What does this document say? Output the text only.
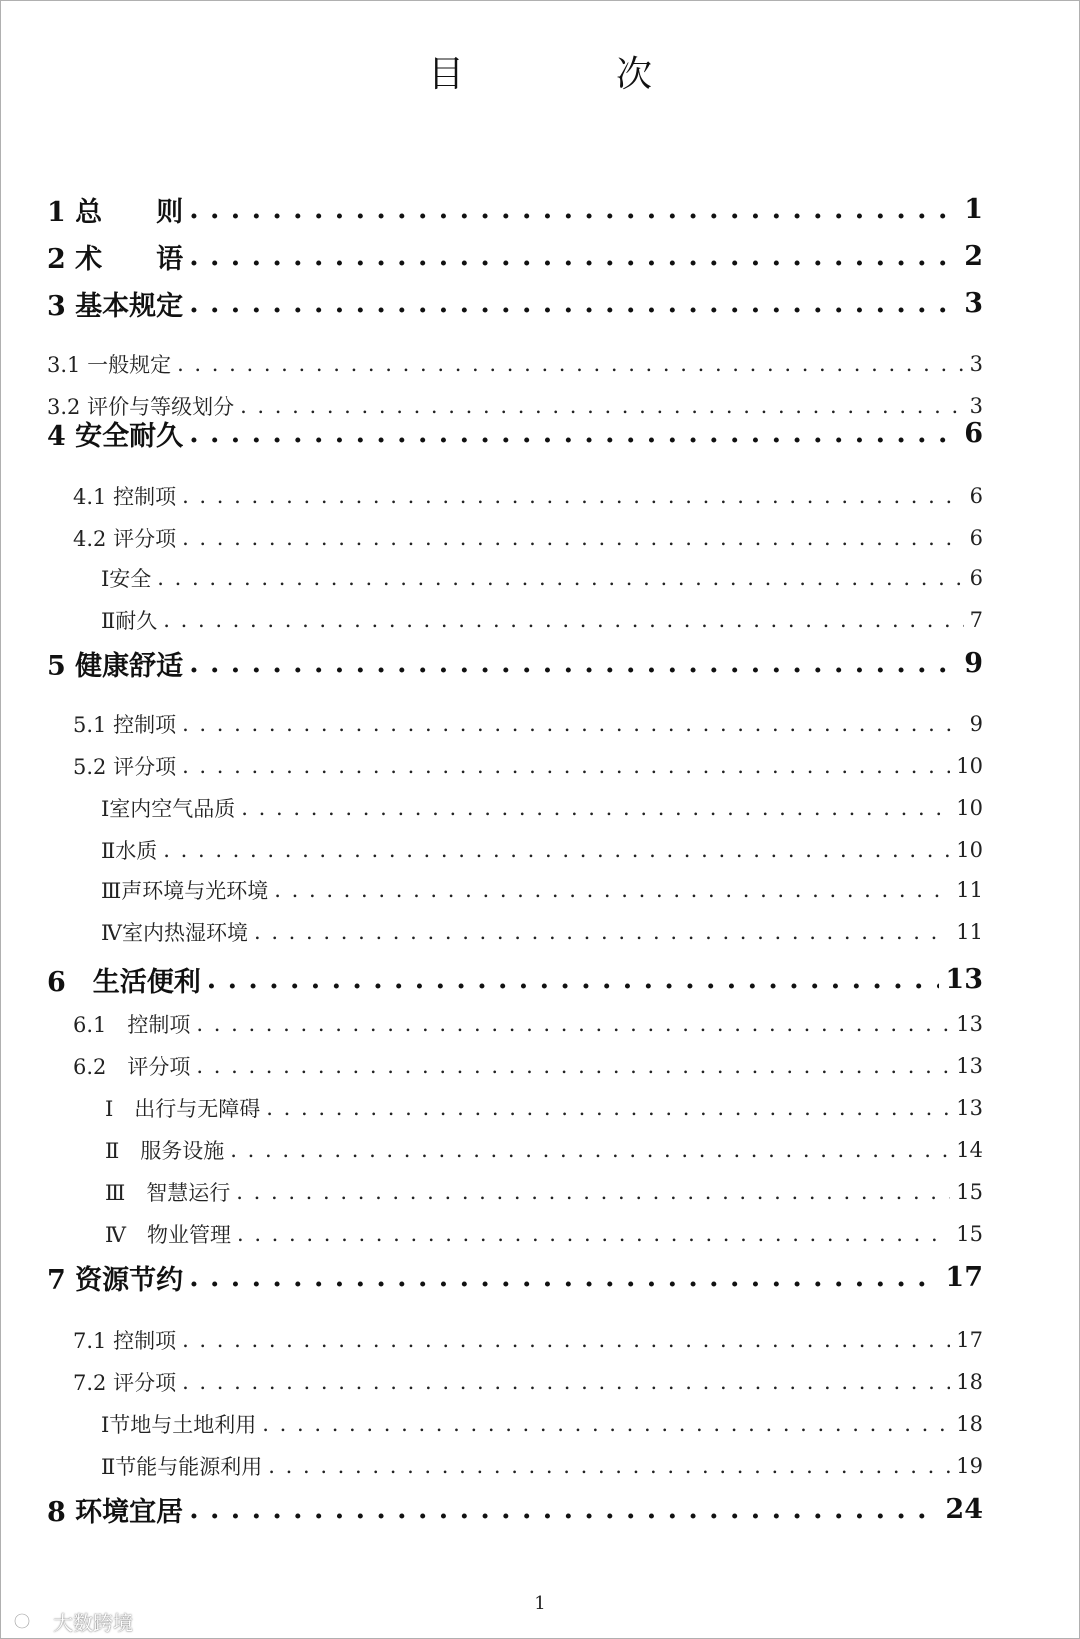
目　次
1 总　　则 . . .	1
2 术　　语 . . .	2
3 基本规定 . . .	3
3.1 一般规定 . . .	3
3.2 评价与等级划分 . . .	3
4 安全耐久 . . .	6
4.1 控制项 . . .	6
4.2 评分项 . . .	6
Ⅰ安全 . . .	6
Ⅱ耐久 . . .	7
5 健康舒适 . . .	9
5.1 控制项 . . .	9
5.2 评分项 . . .	10
Ⅰ室内空气品质 . . .	10
Ⅱ水质 . . .	10
Ⅲ声环境与光环境 . . .	11
Ⅳ室内热湿环境 . . .	11
6　生活便利 . . .	13
6.1　控制项 . . .	13
6.2　评分项 . . .	13
Ⅰ　出行与无障碍 . . .	13
Ⅱ　服务设施 . . .	14
Ⅲ　智慧运行 . . .	15
Ⅳ　物业管理 . . .	15
7 资源节约 . . .	17
7.1 控制项 . . .	17
7.2 评分项 . . .	18
Ⅰ节地与土地利用 . . .	18
Ⅱ节能与能源利用 . . .	19
8 环境宜居 . . .	24
1
大数跨境
